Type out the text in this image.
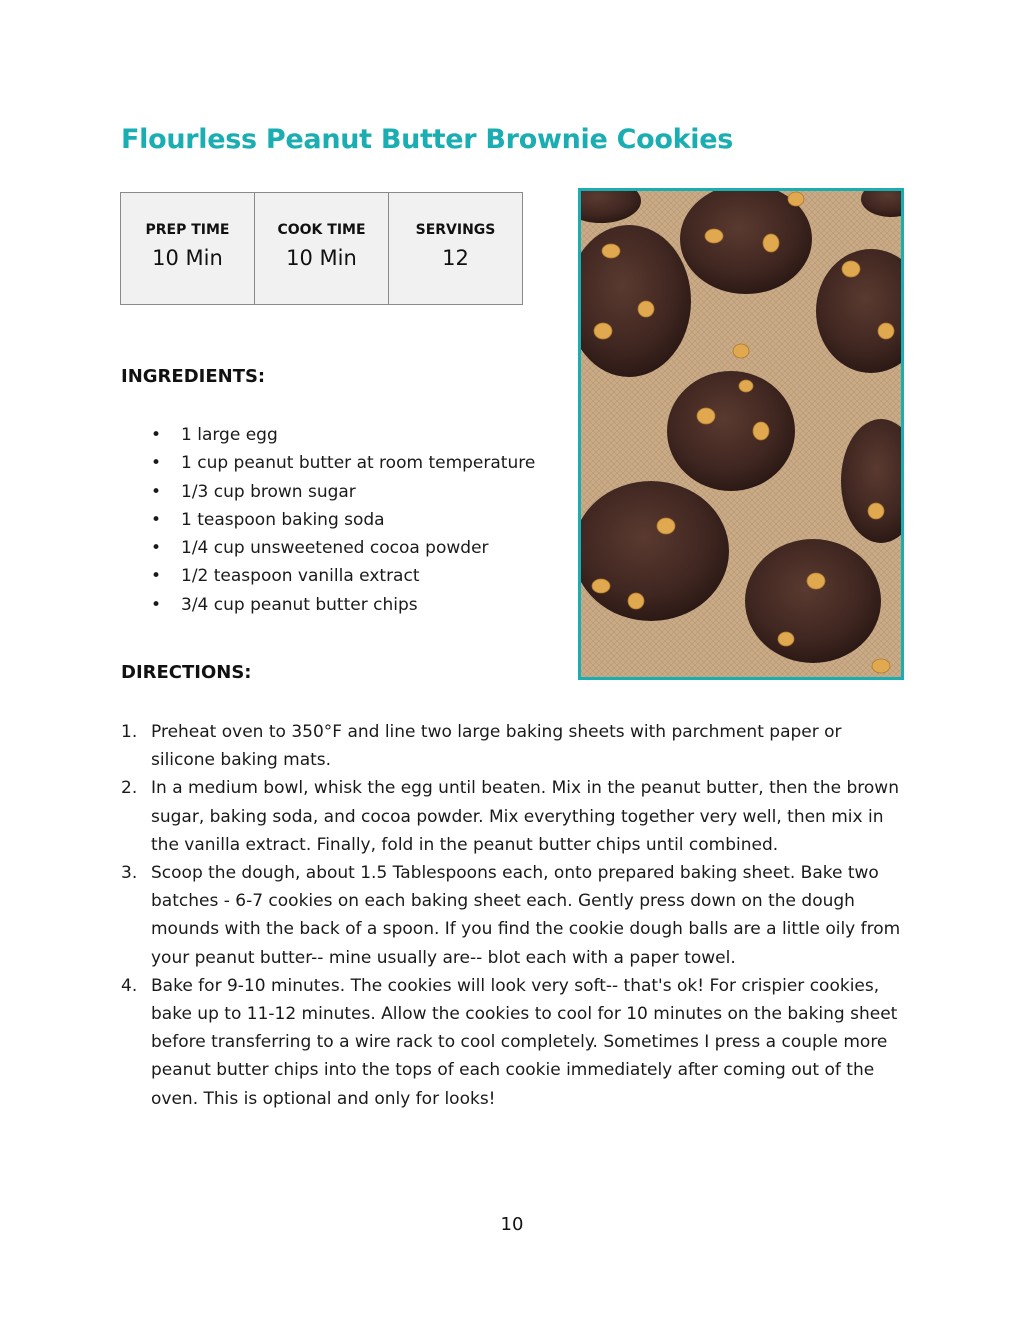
Flourless Peanut Butter Brownie Cookies
PREP TIME
10 Min

COOK TIME
10 Min

SERVINGS
12
INGREDIENTS:
• 1 large egg
• 1 cup peanut butter at room temperature
• 1/3 cup brown sugar
• 1 teaspoon baking soda
• 1/4 cup unsweetened cocoa powder
• 1/2 teaspoon vanilla extract
• 3/4 cup peanut butter chips
DIRECTIONS:
1. Preheat oven to 350°F and line two large baking sheets with parchment paper or silicone baking mats.
2. In a medium bowl, whisk the egg until beaten. Mix in the peanut butter, then the brown sugar, baking soda, and cocoa powder. Mix everything together very well, then mix in the vanilla extract. Finally, fold in the peanut butter chips until combined.
3. Scoop the dough, about 1.5 Tablespoons each, onto prepared baking sheet. Bake two batches - 6-7 cookies on each baking sheet each. Gently press down on the dough mounds with the back of a spoon. If you find the cookie dough balls are a little oily from your peanut butter-- mine usually are-- blot each with a paper towel.
4. Bake for 9-10 minutes. The cookies will look very soft-- that's ok! For crispier cookies, bake up to 11-12 minutes. Allow the cookies to cool for 10 minutes on the baking sheet before transferring to a wire rack to cool completely. Sometimes I press a couple more peanut butter chips into the tops of each cookie immediately after coming out of the oven. This is optional and only for looks!
10
